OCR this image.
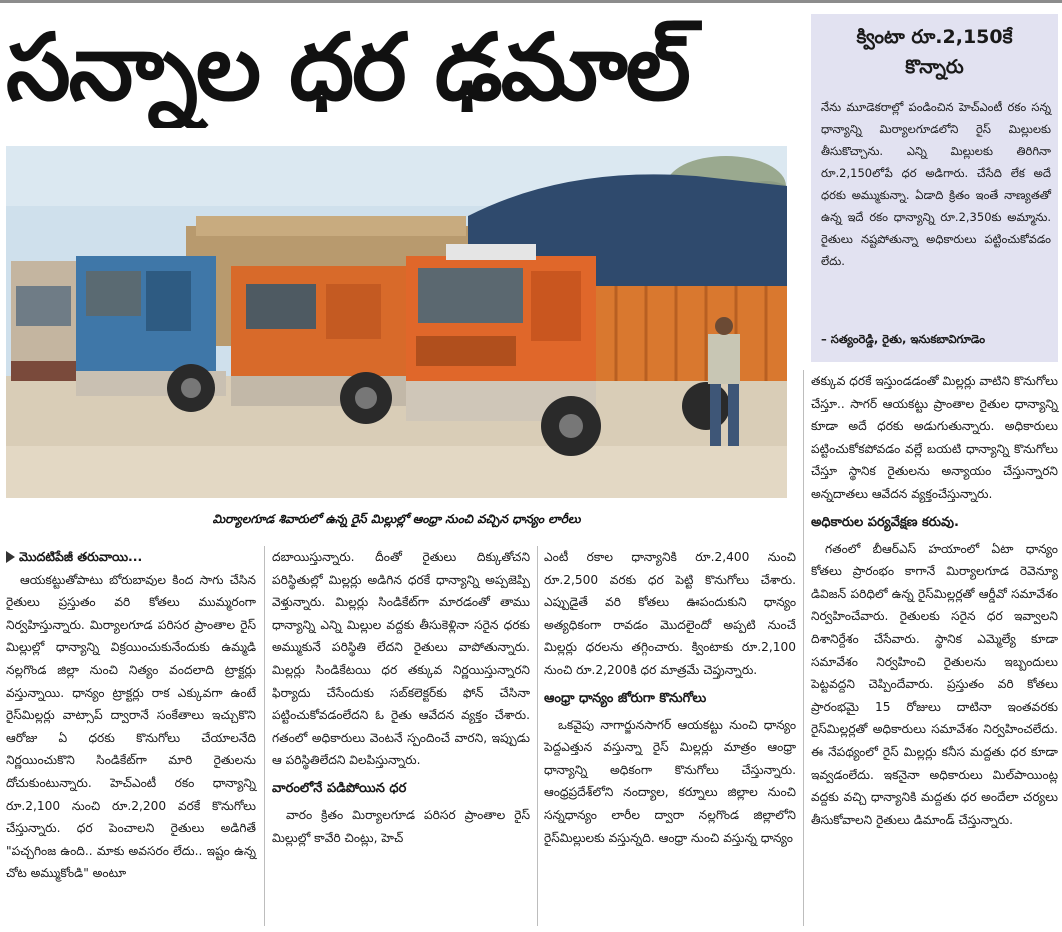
సన్నాల ధర ఢమాల్
మిర్యాలగూడ శివారులో ఉన్న రైస్ మిల్లుల్లో ఆంధ్రా నుంచి వచ్చిన ధాన్యం లారీలు
క్వింటా రూ.2,150కే
కొన్నారు
నేను మూడెకరాల్లో పండించిన హెచ్ఎంటీ రకం సన్న ధాన్యాన్ని మిర్యాలగూడలోని రైస్ మిల్లులకు తీసుకొచ్చాను. ఎన్ని మిల్లులకు తిరిగినా రూ.2,150లోపే ధర అడిగారు. చేసేది లేక అదే ధరకు అమ్ముకున్నా. ఏడాది క్రితం ఇంతే నాణ్యతతో ఉన్న ఇదే రకం ధాన్యాన్ని రూ.2,350కు అమ్మాను. రైతులు నష్టపోతున్నా అధికారులు పట్టించుకోవడం లేదు.
– సత్యంరెడ్డి, రైతు, ఇనుకబావిగూడెం

మొదటిపేజీ తరువాయి...

ఆయకట్టుతోపాటు బోరుబావుల కింద సాగు చేసిన రైతులు ప్రస్తుతం వరి కోతలు ముమ్మరంగా నిర్వహిస్తున్నారు. మిర్యాలగూడ పరిసర ప్రాంతాల రైస్ మిల్లుల్లో ధాన్యాన్ని విక్రయించుకునేందుకు ఉమ్మడి నల్లగొండ జిల్లా నుంచి నిత్యం వందలాది ట్రాక్టర్లు వస్తున్నాయి. ధాన్యం ట్రాక్టర్లు రాక ఎక్కువగా ఉంటే రైస్‌మిల్లర్లు వాట్సాప్ ద్వారానే సంకేతాలు ఇచ్చుకొని ఆరోజు ఏ ధరకు కొనుగోలు చేయాలనేది నిర్ణయించుకొని సిండికేట్‌గా మారి రైతులను దోచుకుంటున్నారు. హెచ్ఎంటీ రకం ధాన్యాన్ని రూ.2,100 నుంచి రూ.2,200 వరకే కొనుగోలు చేస్తున్నారు. ధర పెంచాలని రైతులు అడిగితే "పచ్చగింజ ఉంది.. మాకు అవసరం లేదు.. ఇష్టం ఉన్న చోట అమ్ముకోండి" అంటూ

దబాయిస్తున్నారు. దీంతో రైతులు దిక్కుతోచని పరిస్థితుల్లో మిల్లర్లు అడిగిన ధరకే ధాన్యాన్ని అప్పజెప్పి వెళ్తున్నారు. మిల్లర్లు సిండికేట్‌గా మారడంతో తాము ధాన్యాన్ని ఎన్ని మిల్లుల వద్దకు తీసుకెళ్లినా సరైన ధరకు అమ్ముకునే పరిస్థితి లేదని రైతులు వాపోతున్నారు. మిల్లర్లు సిండికేటయి ధర తక్కువ నిర్ణయిస్తున్నారని ఫిర్యాదు చేసేందుకు సబ్‌కలెక్టర్‌కు ఫోన్ చేసినా పట్టించుకోవడంలేదని ఓ రైతు ఆవేదన వ్యక్తం చేశారు. గతంలో అధికారులు వెంటనే స్పందించే వారని, ఇప్పుడు ఆ పరిస్థితిలేదని విలపిస్తున్నారు.

వారంలోనే పడిపోయిన ధర

వారం క్రితం మిర్యాలగూడ పరిసర ప్రాంతాల రైస్ మిల్లుల్లో కావేరి చింట్లు, హెచ్

ఎంటీ రకాల ధాన్యానికి రూ.2,400 నుంచి రూ.2,500 వరకు ధర పెట్టి కొనుగోలు చేశారు. ఎప్పుడైతే వరి కోతలు ఊపందుకుని ధాన్యం అత్యధికంగా రావడం మొదలైందో అప్పటి నుంచే మిల్లర్లు ధరలను తగ్గించారు. క్వింటాకు రూ.2,100 నుంచి రూ.2,200కి ధర మాత్రమే చెప్తున్నారు.

ఆంధ్రా ధాన్యం జోరుగా కొనుగోలు

ఒకవైపు నాగార్జునసాగర్ ఆయకట్టు నుంచి ధాన్యం పెద్దఎత్తున వస్తున్నా రైస్ మిల్లర్లు మాత్రం ఆంధ్రా ధాన్యాన్ని అధికంగా కొనుగోలు చేస్తున్నారు. ఆంధ్రప్రదేశ్‌లోని నంద్యాల, కర్నూలు జిల్లాల నుంచి సన్నధాన్యం లారీల ద్వారా నల్లగొండ జిల్లాలోని రైస్‌మిల్లులకు వస్తున్నది. ఆంధ్రా నుంచి వస్తున్న ధాన్యం

తక్కువ ధరకే ఇస్తుండడంతో మిల్లర్లు వాటిని కొనుగోలు చేస్తూ.. సాగర్ ఆయకట్టు ప్రాంతాల రైతుల ధాన్యాన్ని కూడా అదే ధరకు అడుగుతున్నారు. అధికారులు పట్టించుకోకపోవడం వల్లే బయటి ధాన్యాన్ని కొనుగోలు చేస్తూ స్థానిక రైతులను అన్యాయం చేస్తున్నారని అన్నదాతలు ఆవేదన వ్యక్తంచేస్తున్నారు.

అధికారుల పర్యవేక్షణ కరువు.

గతంలో బీఆర్ఎస్ హయాంలో ఏటా ధాన్యం కోతలు ప్రారంభం కాగానే మిర్యాలగూడ రెవెన్యూ డివిజన్ పరిధిలో ఉన్న రైస్‌మిల్లర్లతో ఆర్డీవో సమావేశం నిర్వహించేవారు. రైతులకు సరైన ధర ఇవ్వాలని దిశానిర్దేశం చేసేవారు. స్థానిక ఎమ్మెల్యే కూడా సమావేశం నిర్వహించి రైతులను ఇబ్బందులు పెట్టవద్దని చెప్పిందేవారు. ప్రస్తుతం వరి కోతలు ప్రారంభమై 15 రోజులు దాటినా ఇంతవరకు రైస్‌మిల్లర్లతో అధికారులు సమావేశం నిర్వహించలేదు. ఈ నేపథ్యంలో రైస్ మిల్లర్లు కనీస మద్దతు ధర కూడా ఇవ్వడంలేదు. ఇకనైనా అధికారులు మిల్‌పాయింట్ల వద్దకు వచ్చి ధాన్యానికి మద్దతు ధర అందేలా చర్యలు తీసుకోవాలని రైతులు డిమాండ్ చేస్తున్నారు.
